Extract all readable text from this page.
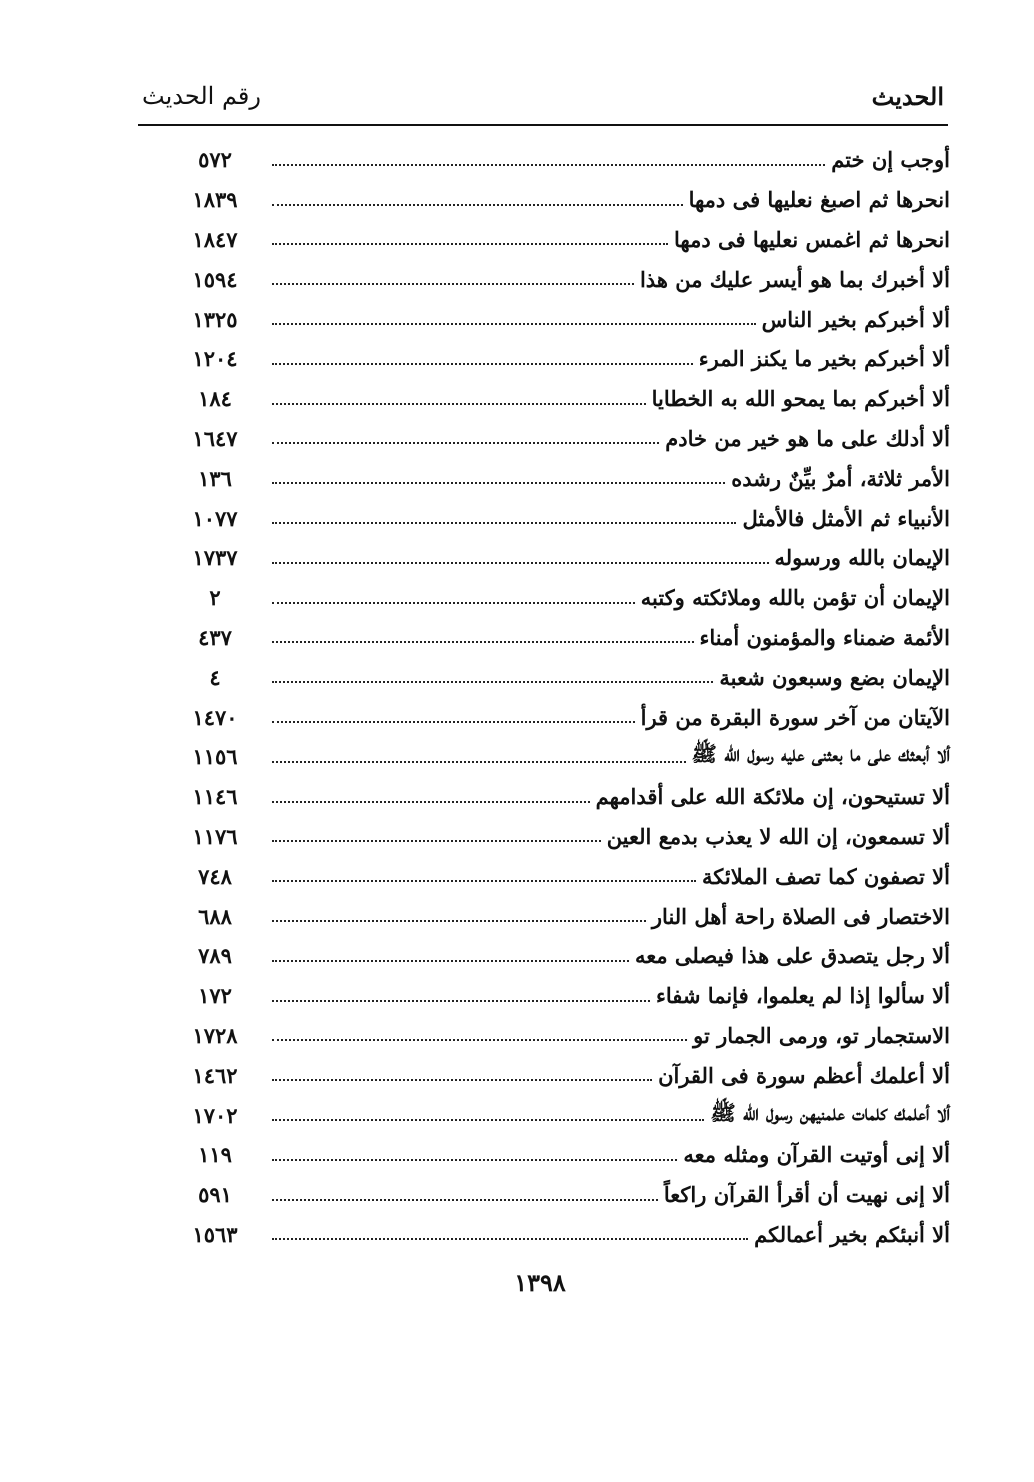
الحديث
رقم الحديث
أوجب إن ختم
٥٧٢
انحرها ثم اصبغ نعليها فى دمها
١٨٣٩
انحرها ثم اغمس نعليها فى دمها
١٨٤٧
ألا أخبرك بما هو أيسر عليك من هذا
١٥٩٤
ألا أخبركم بخير الناس
١٣٢٥
ألا أخبركم بخير ما يكنز المرء
١٢٠٤
ألا أخبركم بما يمحو الله به الخطايا
١٨٤
ألا أدلك على ما هو خير من خادم
١٦٤٧
الأمر ثلاثة، أمرٌ بيِّنٌ رشده
١٣٦
الأنبياء ثم الأمثل فالأمثل
١٠٧٧
الإيمان بالله ورسوله
١٧٣٧
الإيمان أن تؤمن بالله وملائكته وكتبه
٢
الأئمة ضمناء والمؤمنون أمناء
٤٣٧
الإيمان بضع وسبعون شعبة
٤
الآيتان من آخر سورة البقرة من قرأ
١٤٧٠
ألا أبعثك على ما بعثنى عليه رسول الله ﷺ
١١٥٦
ألا تستيحون، إن ملائكة الله على أقدامهم
١١٤٦
ألا تسمعون، إن الله لا يعذب بدمع العين
١١٧٦
ألا تصفون كما تصف الملائكة
٧٤٨
الاختصار فى الصلاة راحة أهل النار
٦٨٨
ألا رجل يتصدق على هذا فيصلى معه
٧٨٩
ألا سألوا إذا لم يعلموا، فإنما شفاء
١٧٢
الاستجمار تو، ورمى الجمار تو
١٧٢٨
ألا أعلمك أعظم سورة فى القرآن
١٤٦٢
ألا أعلمك كلمات علمنيهن رسول الله ﷺ
١٧٠٢
ألا إنى أوتيت القرآن ومثله معه
١١٩
ألا إنى نهيت أن أقرأ القرآن راكعاً
٥٩١
ألا أنبئكم بخير أعمالكم
١٥٦٣
١٣٩٨
